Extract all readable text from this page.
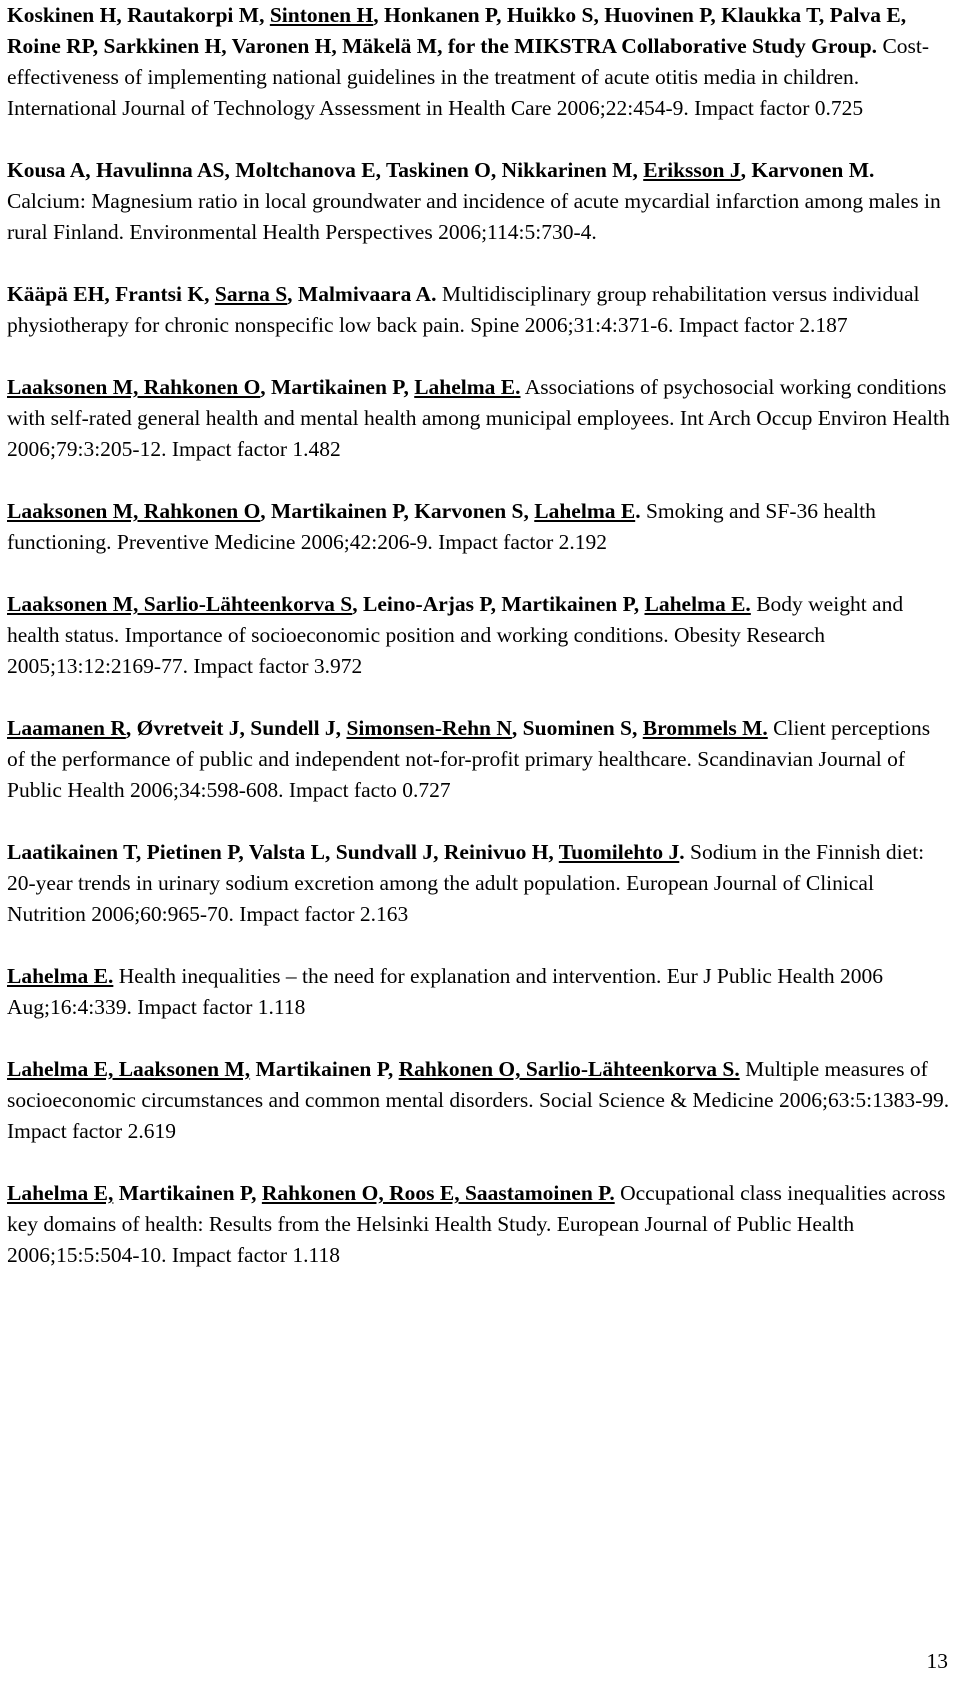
Koskinen H, Rautakorpi M, Sintonen H, Honkanen P, Huikko S, Huovinen P, Klaukka T, Palva E, Roine RP, Sarkkinen H, Varonen H, Mäkelä M, for the MIKSTRA Collaborative Study Group. Cost-effectiveness of implementing national guidelines in the treatment of acute otitis media in children. International Journal of Technology Assessment in Health Care 2006;22:454-9. Impact factor 0.725

Kousa A, Havulinna AS, Moltchanova E, Taskinen O, Nikkarinen M, Eriksson J, Karvonen M. Calcium: Magnesium ratio in local groundwater and incidence of acute mycardial infarction among males in rural Finland. Environmental Health Perspectives 2006;114:5:730-4.

Kääpä EH, Frantsi K, Sarna S, Malmivaara A. Multidisciplinary group rehabilitation versus individual physiotherapy for chronic nonspecific low back pain. Spine 2006;31:4:371-6. Impact factor 2.187

Laaksonen M, Rahkonen O, Martikainen P, Lahelma E. Associations of psychosocial working conditions with self-rated general health and mental health among municipal employees. Int Arch Occup Environ Health 2006;79:3:205-12. Impact factor 1.482

Laaksonen M, Rahkonen O, Martikainen P, Karvonen S, Lahelma E. Smoking and SF-36 health functioning. Preventive Medicine 2006;42:206-9. Impact factor 2.192

Laaksonen M, Sarlio-Lähteenkorva S, Leino-Arjas P, Martikainen P, Lahelma E. Body weight and health status. Importance of socioeconomic position and working conditions. Obesity Research 2005;13:12:2169-77. Impact factor 3.972

Laamanen R, Øvretveit J, Sundell J, Simonsen-Rehn N, Suominen S, Brommels M. Client perceptions of the performance of public and independent not-for-profit primary healthcare. Scandinavian Journal of Public Health 2006;34:598-608. Impact facto 0.727

Laatikainen T, Pietinen P, Valsta L, Sundvall J, Reinivuo H, Tuomilehto J. Sodium in the Finnish diet: 20-year trends in urinary sodium excretion among the adult population. European Journal of Clinical Nutrition 2006;60:965-70. Impact factor 2.163

Lahelma E. Health inequalities – the need for explanation and intervention. Eur J Public Health 2006 Aug;16:4:339. Impact factor 1.118

Lahelma E, Laaksonen M, Martikainen P, Rahkonen O, Sarlio-Lähteenkorva S. Multiple measures of socioeconomic circumstances and common mental disorders. Social Science & Medicine 2006;63:5:1383-99. Impact factor 2.619

Lahelma E, Martikainen P, Rahkonen O, Roos E, Saastamoinen P. Occupational class inequalities across key domains of health: Results from the Helsinki Health Study. European Journal of Public Health 2006;15:5:504-10. Impact factor 1.118

13
